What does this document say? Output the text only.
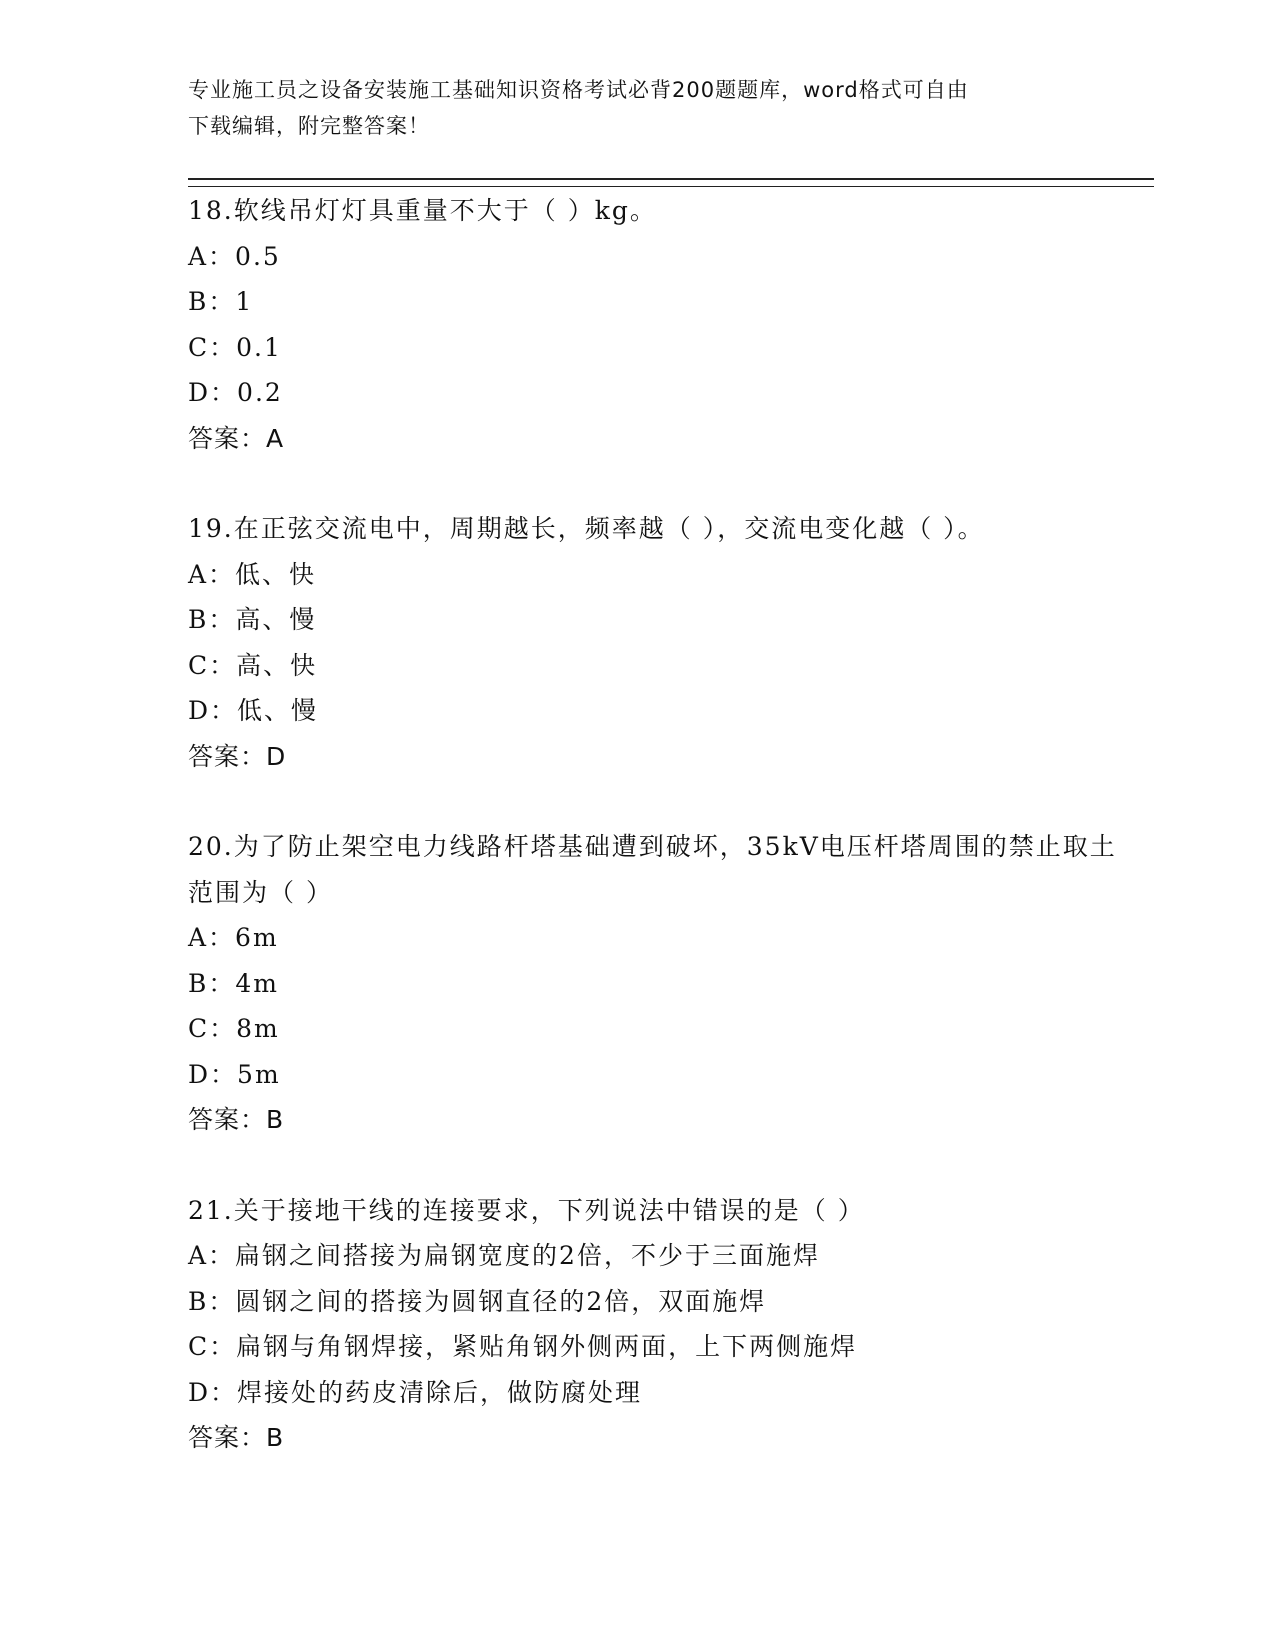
专业施工员之设备安装施工基础知识资格考试必背200题题库，word格式可自由
下载编辑，附完整答案！
18.软线吊灯灯具重量不大于（ ）kg。
A：0.5
B：1
C：0.1
D：0.2
答案：A
19.在正弦交流电中，周期越长，频率越（ ），交流电变化越（ ）。
A：低、快
B：高、慢
C：高、快
D：低、慢
答案：D
20.为了防止架空电力线路杆塔基础遭到破坏，35kV电压杆塔周围的禁止取土范围为（ ）
A：6m
B：4m
C：8m
D：5m
答案：B
21.关于接地干线的连接要求，下列说法中错误的是（ ）
A：扁钢之间搭接为扁钢宽度的2倍，不少于三面施焊
B：圆钢之间的搭接为圆钢直径的2倍，双面施焊
C：扁钢与角钢焊接，紧贴角钢外侧两面，上下两侧施焊
D：焊接处的药皮清除后，做防腐处理
答案：B
